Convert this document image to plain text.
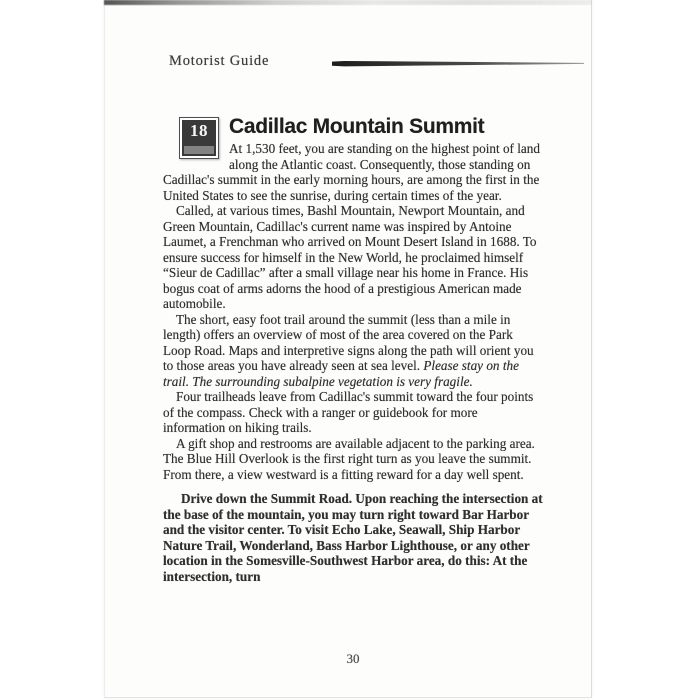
Motorist Guide
18	Cadillac Mountain Summit

At 1,530 feet, you are standing on the highest point of land along the Atlantic coast. Consequently, those standing on Cadillac's summit in the early morning hours, are among the first in the United States to see the sunrise, during certain times of the year.

Called, at various times, Bashl Mountain, Newport Mountain, and Green Mountain, Cadillac's current name was inspired by Antoine Laumet, a Frenchman who arrived on Mount Desert Island in 1688. To ensure success for himself in the New World, he proclaimed himself “Sieur de Cadillac” after a small village near his home in France. His bogus coat of arms adorns the hood of a prestigious American made automobile.

The short, easy foot trail around the summit (less than a mile in length) offers an overview of most of the area covered on the Park Loop Road. Maps and interpretive signs along the path will orient you to those areas you have already seen at sea level. Please stay on the trail. The surrounding subalpine vegetation is very fragile.

Four trailheads leave from Cadillac's summit toward the four points of the compass. Check with a ranger or guidebook for more information on hiking trails.

A gift shop and restrooms are available adjacent to the parking area. The Blue Hill Overlook is the first right turn as you leave the summit. From there, a view westward is a fitting reward for a day well spent.

Drive down the Summit Road. Upon reaching the intersection at the base of the mountain, you may turn right toward Bar Harbor and the visitor center. To visit Echo Lake, Seawall, Ship Harbor Nature Trail, Wonderland, Bass Harbor Lighthouse, or any other location in the Somesville-Southwest Harbor area, do this: At the intersection, turn

30
